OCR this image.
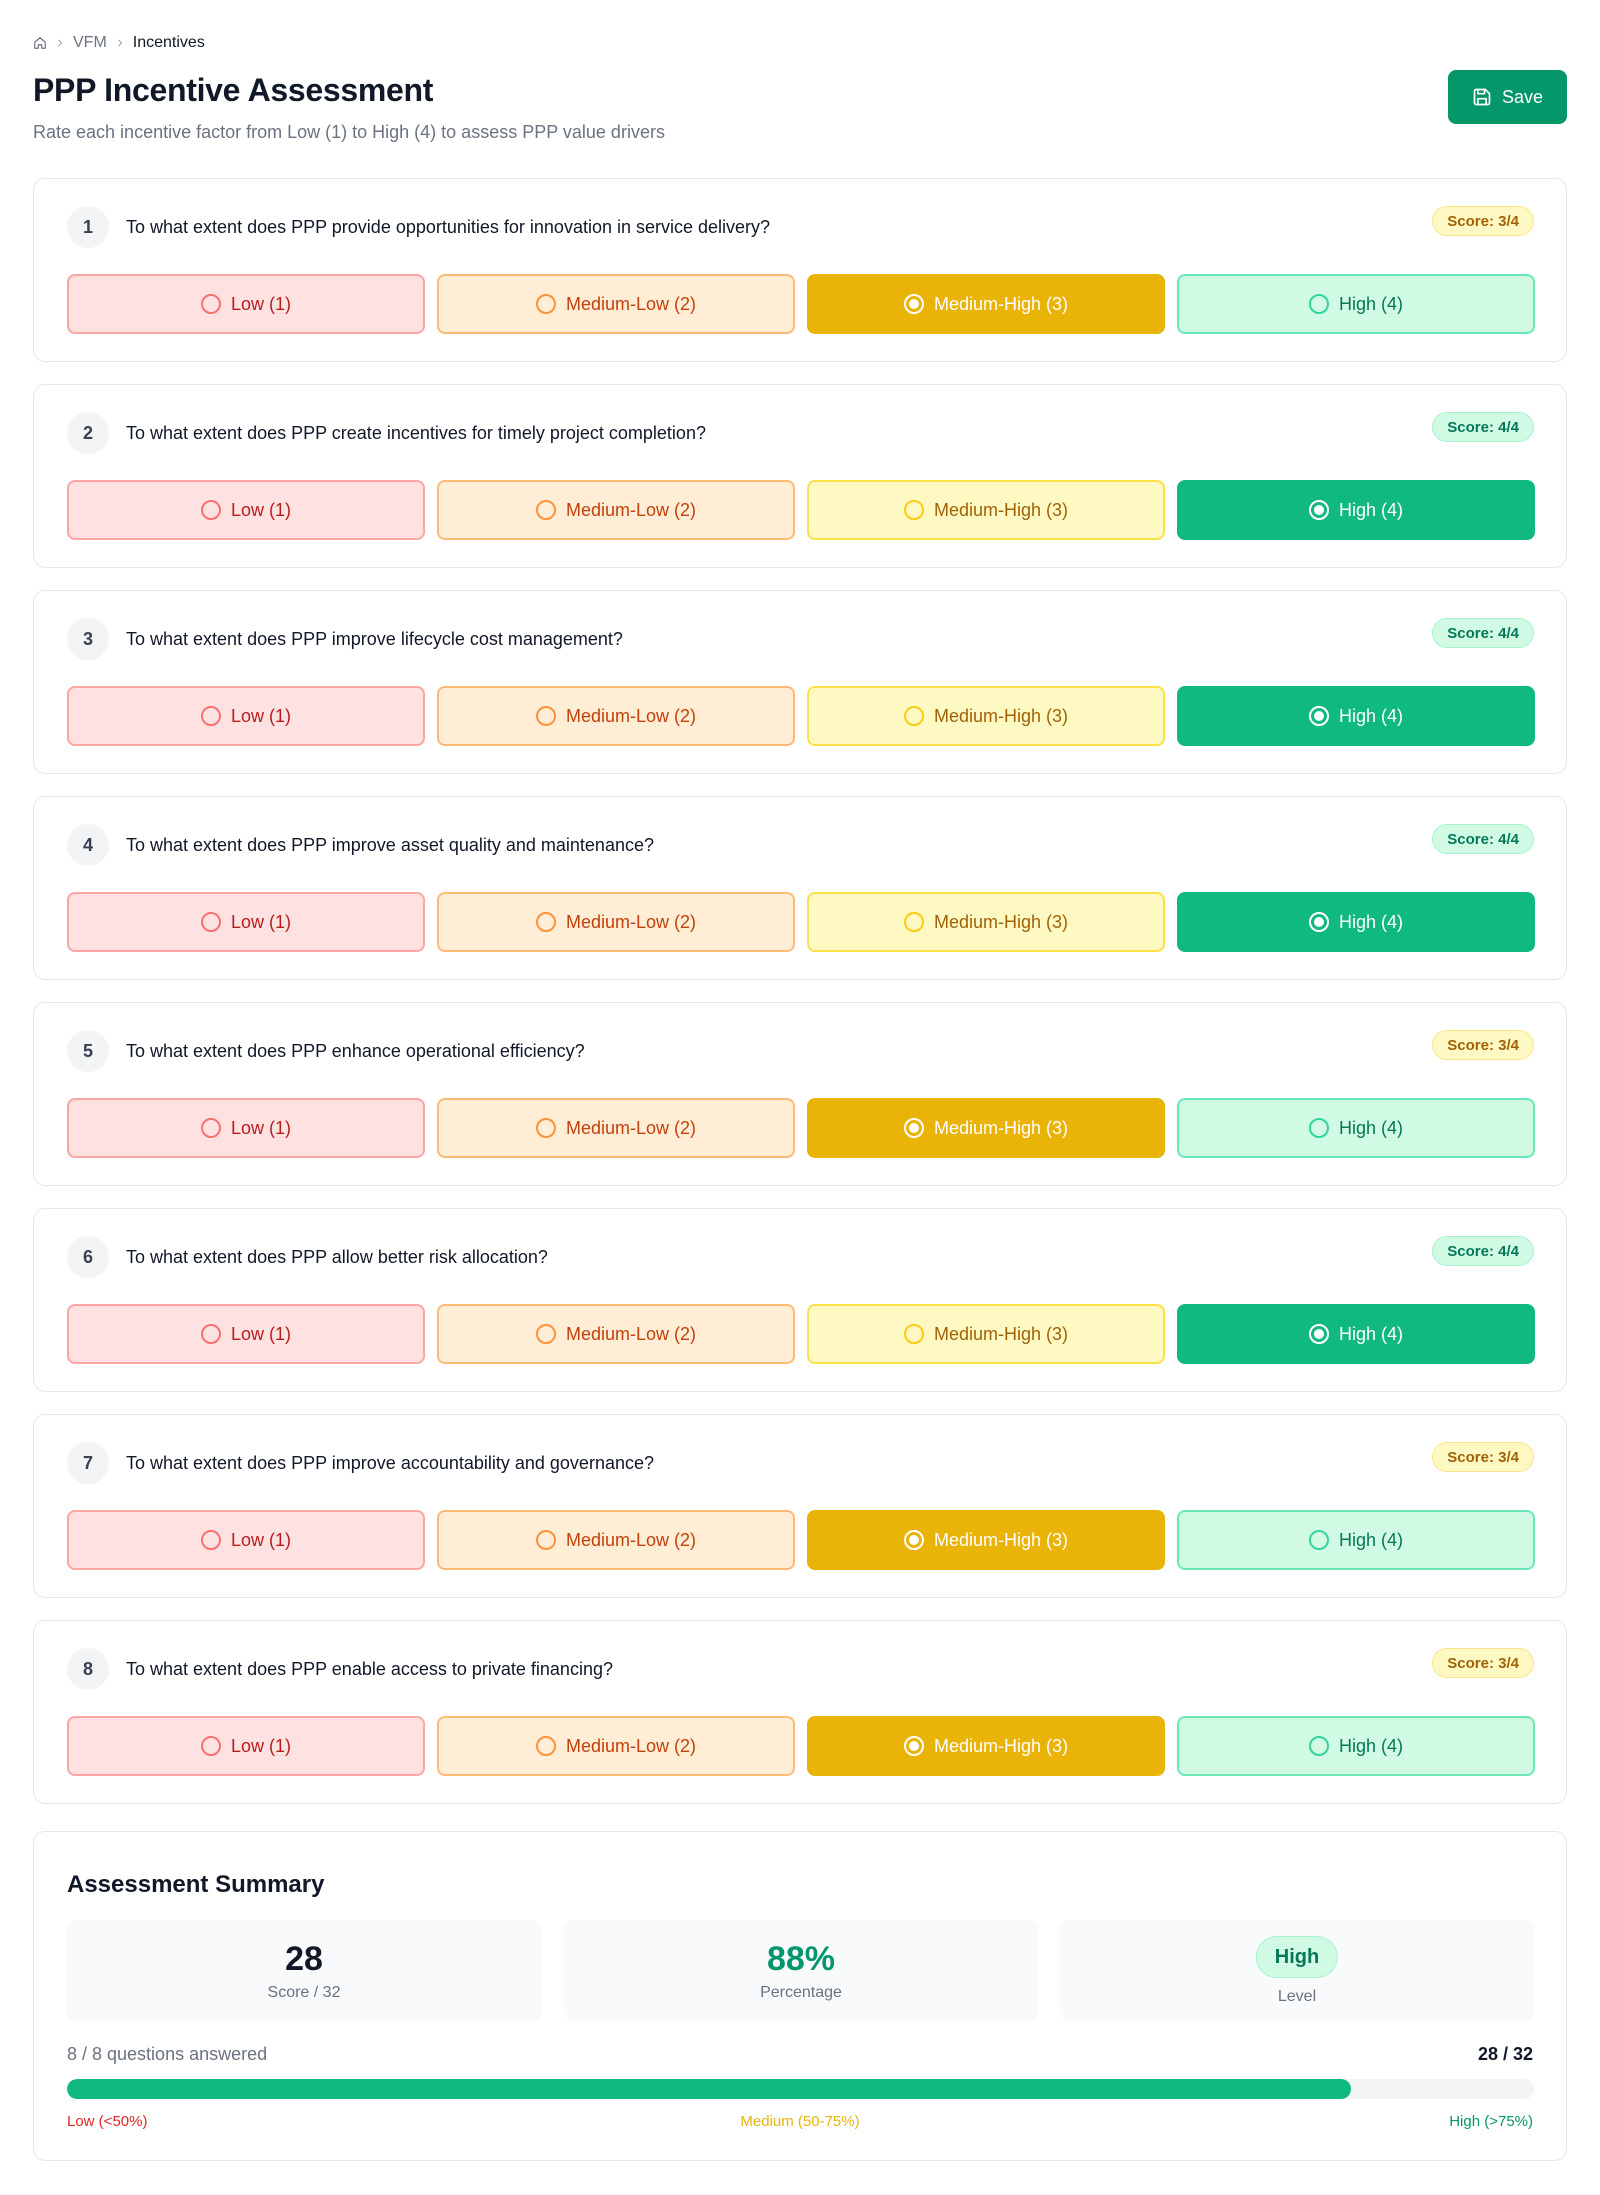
VFM Incentives
PPP Incentive Assessment

Rate each incentive factor from Low (1) to High (4) to assess PPP value drivers

Save
1	To what extent does PPP provide opportunities for innovation in service delivery?	Score: 3/4
Low (1)	Medium-Low (2)	Medium-High (3)	High (4)
2	To what extent does PPP create incentives for timely project completion?	Score: 4/4
Low (1)	Medium-Low (2)	Medium-High (3)	High (4)
3	To what extent does PPP improve lifecycle cost management?	Score: 4/4
Low (1)	Medium-Low (2)	Medium-High (3)	High (4)
4	To what extent does PPP improve asset quality and maintenance?	Score: 4/4
Low (1)	Medium-Low (2)	Medium-High (3)	High (4)
5	To what extent does PPP enhance operational efficiency?	Score: 3/4
Low (1)	Medium-Low (2)	Medium-High (3)	High (4)
6	To what extent does PPP allow better risk allocation?	Score: 4/4
Low (1)	Medium-Low (2)	Medium-High (3)	High (4)
7	To what extent does PPP improve accountability and governance?	Score: 3/4
Low (1)	Medium-Low (2)	Medium-High (3)	High (4)
8	To what extent does PPP enable access to private financing?	Score: 3/4
Low (1)	Medium-Low (2)	Medium-High (3)	High (4)
Assessment Summary
28
Score / 32
88%
Percentage
High
Level
8 / 8 questions answered	28 / 32
Low (<50%)	Medium (50-75%)	High (>75%)
